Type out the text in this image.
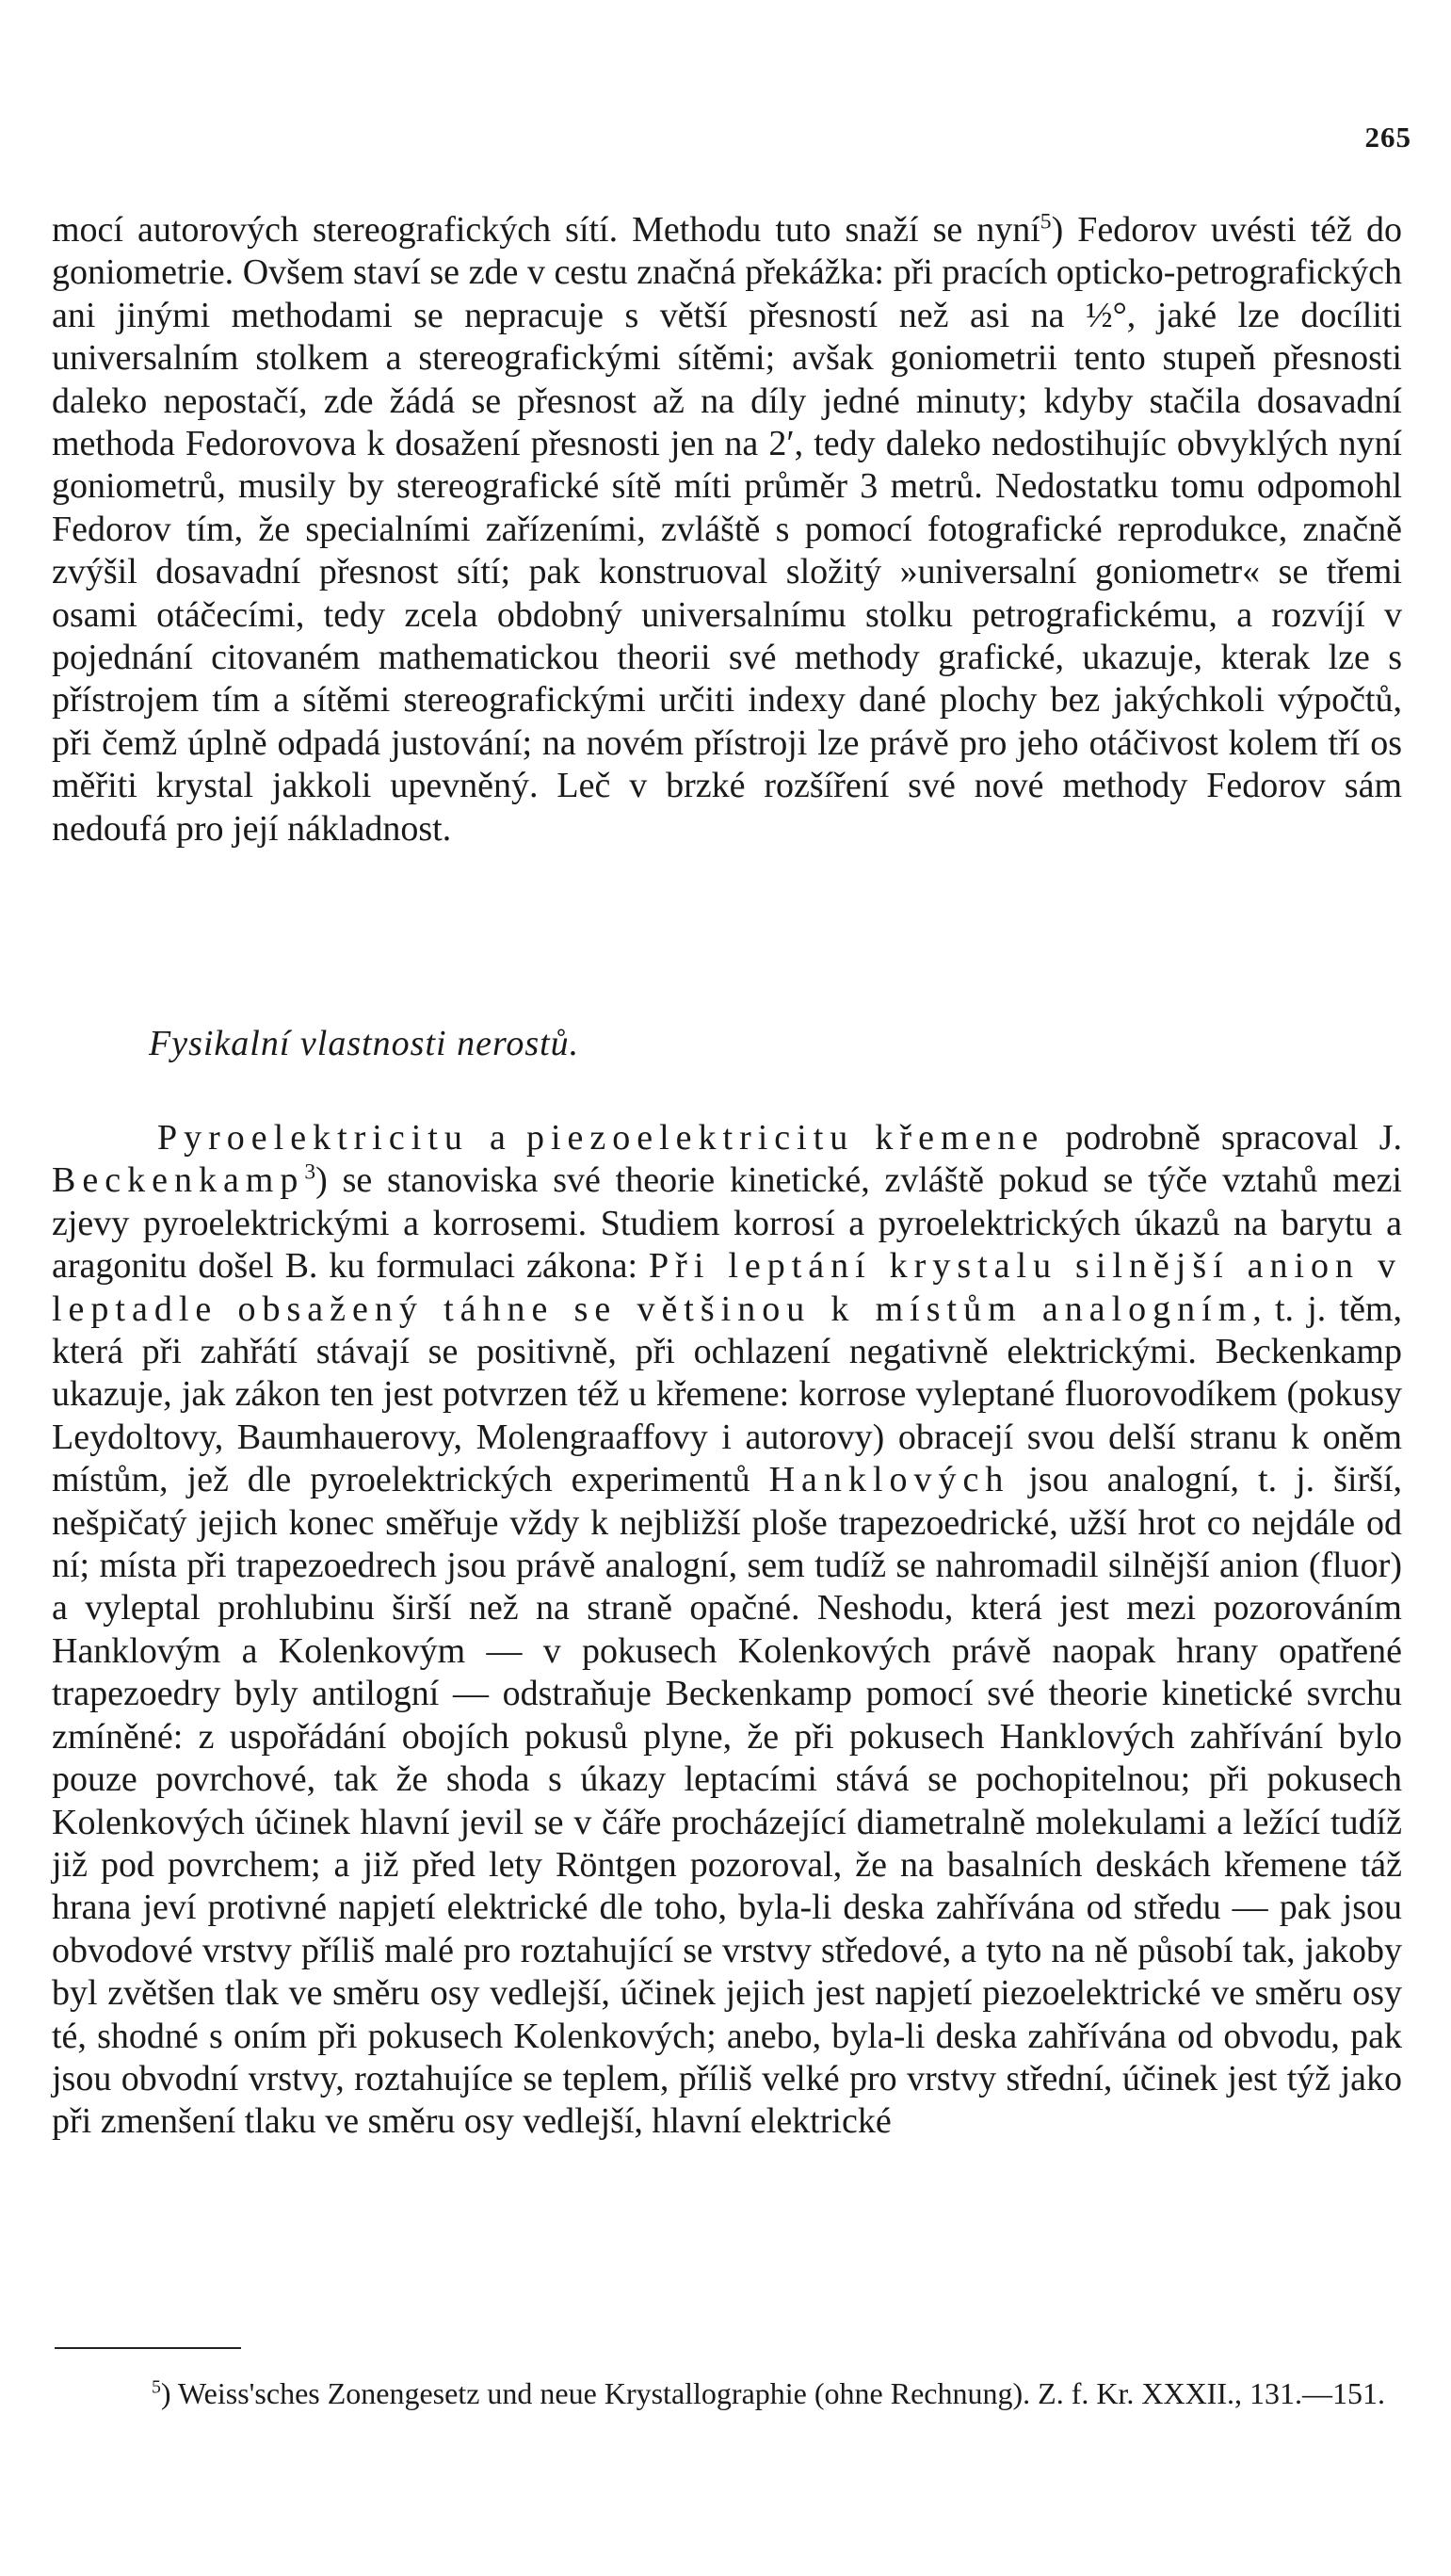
265

mocí autorových stereografických sítí. Methodu tuto snaží se nyní$^5$) Fedorov uvésti též do goniometrie. Ovšem staví se zde v cestu značná překážka: při pracích opticko-petrografických ani jinými methodami se nepracuje s větší přesností než asi na ½°, jaké lze docíliti universalním stolkem a stereografickými sítěmi; avšak goniometrii tento stupeň přesnosti daleko nepostačí, zde žádá se přesnost až na díly jedné minuty; kdyby stačila dosavadní methoda Fedorovova k dosažení přesnosti jen na 2′, tedy daleko nedostihujíc obvyklých nyní goniometrů, musily by stereografické sítě míti průměr 3 metrů. Nedostatku tomu odpomohl Fedorov tím, že specialními zařízeními, zvláště s pomocí fotografické reprodukce, značně zvýšil dosavadní přesnost sítí; pak konstruoval složitý »universalní goniometr« se třemi osami otáčecími, tedy zcela obdobný universalnímu stolku petrografickému, a rozvíjí v pojednání citovaném mathematickou theorii své methody grafické, ukazuje, kterak lze s přístrojem tím a sítěmi stereografickými určiti indexy dané plochy bez jakýchkoli výpočtů, při čemž úplně odpadá justování; na novém přístroji lze právě pro jeho otáčivost kolem tří os měřiti krystal jakkoli upevněný. Leč v brzké rozšíření své nové methody Fedorov sám nedoufá pro její nákladnost.

Fysikalní vlastnosti nerostů.

Pyroelektricitu a piezoelektricitu křemene podrobně spracoval J. Beckenkamp$^3$) se stanoviska své theorie kinetické, zvláště pokud se týče vztahů mezi zjevy pyroelektrickými a korrosemi. Studiem korrosí a pyroelektrických úkazů na barytu a aragonitu došel B. ku formulaci zákona: Při leptání krystalu silnější anion v leptadle obsažený táhne se většinou k místům analogním, t. j. těm, která při zahřátí stávají se positivně, při ochlazení negativně elektrickými. Beckenkamp ukazuje, jak zákon ten jest potvrzen též u křemene: korrose vyleptané fluorovodíkem (pokusy Leydoltovy, Baumhauerovy, Molengraaffovy i autorovy) obracejí svou delší stranu k oněm místům, jež dle pyroelektrických experimentů Hanklových jsou analogní, t. j. širší, nešpičatý jejich konec směřuje vždy k nejbližší ploše trapezoedrické, užší hrot co nejdále od ní; místa při trapezoedrech jsou právě analogní, sem tudíž se nahromadil silnější anion (fluor) a vyleptal prohlubinu širší než na straně opačné. Neshodu, která jest mezi pozorováním Hanklovým a Kolenkovým — v pokusech Kolenkových právě naopak hrany opatřené trapezoedry byly antilogní — odstraňuje Beckenkamp pomocí své theorie kinetické svrchu zmíněné: z uspořádání obojích pokusů plyne, že při pokusech Hanklových zahřívání bylo pouze povrchové, tak že shoda s úkazy leptacími stává se pochopitelnou; při pokusech Kolenkových účinek hlavní jevil se v čáře procházející diametralně molekulami a ležící tudíž již pod povrchem; a již před lety Röntgen pozoroval, že na basalních deskách křemene táž hrana jeví protivné napjetí elektrické dle toho, byla-li deska zahřívána od středu — pak jsou obvodové vrstvy příliš malé pro roztahující se vrstvy středové, a tyto na ně působí tak, jakoby byl zvětšen tlak ve směru osy vedlejší, účinek jejich jest napjetí piezoelektrické ve směru osy té, shodné s oním při pokusech Kolenkových; anebo, byla-li deska zahřívána od obvodu, pak jsou obvodní vrstvy, roztahujíce se teplem, příliš velké pro vrstvy střední, účinek jest týž jako při zmenšení tlaku ve směru osy vedlejší, hlavní elektrické

$^5$) Weiss'sches Zonengesetz und neue Krystallographie (ohne Rechnung). Z. f. Kr. XXXII., 131.—151.
